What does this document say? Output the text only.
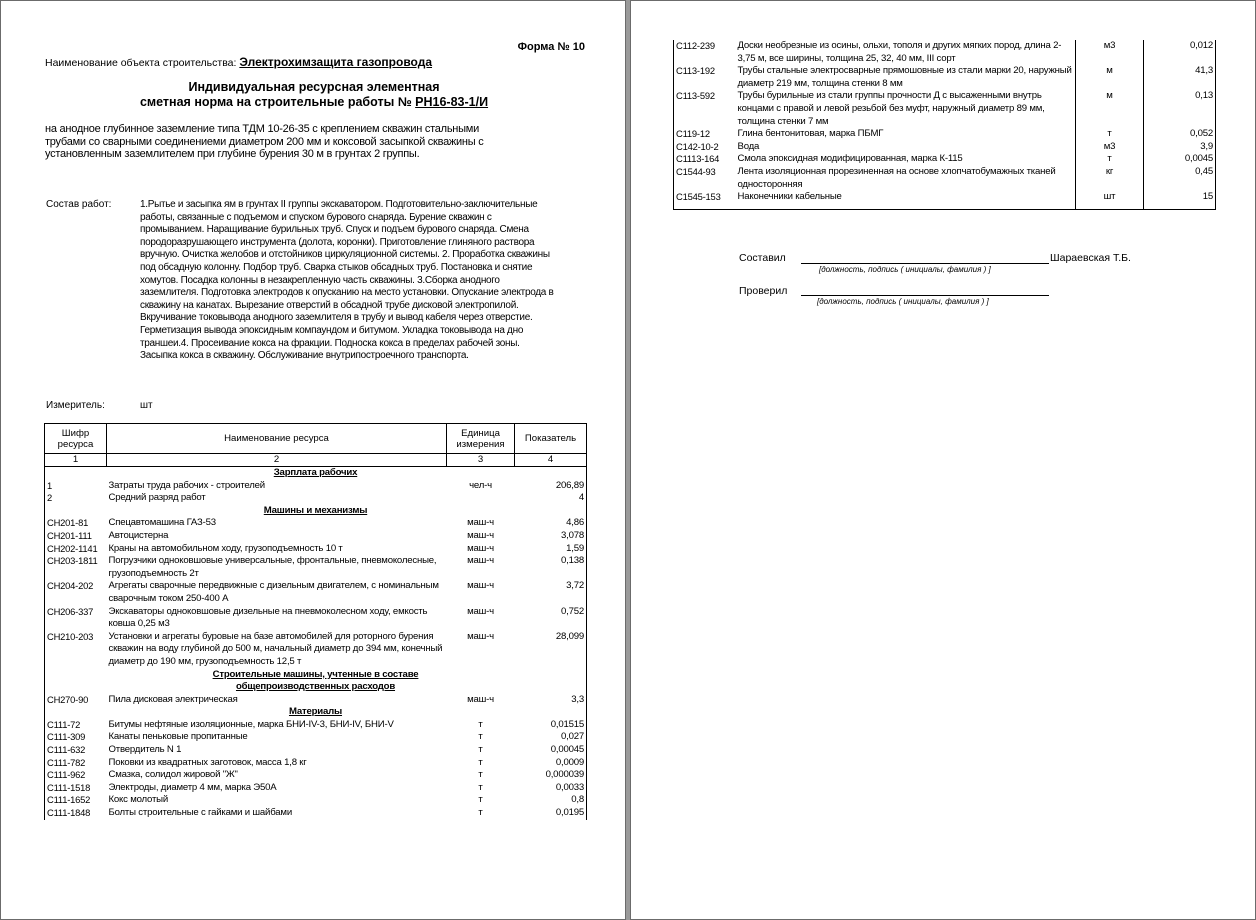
Форма № 10
Наименование объекта строительства: Электрохимзащита газопровода
Индивидуальная ресурсная элементная
сметная норма на строительные работы № РН16-83-1/И
на анодное глубинное заземление типа ТДМ 10-26-35 с креплением скважин стальными трубами со сварными соединениеми диаметром 200 мм и коксовой засыпкой скважины с установленным заземлителем при глубине бурения 30 м в грунтах 2 группы.
Состав работ:	1.Рытье и засыпка ям в грунтах II группы экскаватором. Подготовительно-заключительные работы, связанные с подъемом и спуском бурового снаряда. Бурение скважин с промыванием. Наращивание бурильных труб. Спуск и подъем бурового снаряда. Смена породоразрушающего инструмента (долота, коронки). Приготовление глиняного раствора вручную. Очистка желобов и отстойников циркуляционной системы. 2. Проработка скважины под обсадную колонну. Подбор труб. Сварка стыков обсадных труб. Постановка и снятие хомутов. Посадка колонны в незакрепленную часть скважины. 3.Сборка анодного заземлителя. Подготовка электродов к опусканию на место установки. Опускание электрода в скважину на канатах. Вырезание отверстий в обсадной трубе дисковой электропилой. Вкручивание токовывода анодного заземлителя в трубу и вывод кабеля через отверстие. Герметизация вывода эпоксидным компаундом и битумом. Укладка токовывода на дно траншеи.4. Просеивание кокса на фракции. Подноска кокса в пределах рабочей зоны. Засыпка кокса в скважину. Обслуживание внутрипостроечного транспорта.
Измеритель:	шт
Шифр ресурса	Наименование ресурса	Единица измерения	Показатель
1	2	3	4
Зарплата рабочих			
1	Затраты труда рабочих - строителей	чел-ч	206,89
2	Средний разряд работ		4
Машины и механизмы			
СН201-81	Спецавтомашина ГАЗ-53	маш-ч	4,86
СН201-111	Автоцистерна	маш-ч	3,078
СН202-1141	Краны на автомобильном ходу, грузоподъемность 10 т	маш-ч	1,59
СН203-1811	Погрузчики одноковшовые универсальные, фронтальные, пневмоколесные, грузоподъемность 2т	маш-ч	0,138
СН204-202	Агрегаты сварочные передвижные с дизельным двигателем, с номинальным сварочным током 250-400 А	маш-ч	3,72
СН206-337	Экскаваторы одноковшовые дизельные на пневмоколесном ходу, емкость ковша 0,25 м3	маш-ч	0,752
СН210-203	Установки и агрегаты буровые на базе автомобилей для роторного бурения скважин на воду глубиной до 500 м, начальный диаметр до 394 мм, конечный диаметр до 190 мм, грузоподъемность 12,5 т	маш-ч	28,099
Строительные машины, учтенные в составе общепроизводственных расходов			
СН270-90	Пила дисковая электрическая	маш-ч	3,3
Материалы			
С111-72	Битумы нефтяные изоляционные, марка БНИ-IV-3, БНИ-IV, БНИ-V	т	0,01515
С111-309	Канаты пеньковые пропитанные	т	0,027
С111-632	Отвердитель N 1	т	0,00045
С111-782	Поковки из квадратных заготовок, масса 1,8 кг	т	0,0009
С111-962	Смазка, солидол жировой "Ж"	т	0,000039
С111-1518	Электроды, диаметр 4 мм, марка Э50А	т	0,0033
С111-1652	Кокс молотый	т	0,8
С111-1848	Болты строительные с гайками и шайбами	т	0,0195
С112-239	Доски необрезные из осины, ольхи, тополя и других мягких пород, длина 2-3,75 м, все ширины, толщина 25, 32, 40 мм, III сорт	м3	0,012
С113-192	Трубы стальные электросварные прямошовные из стали марки 20, наружный диаметр 219 мм, толщина стенки 8 мм	м	41,3
С113-592	Трубы бурильные из стали группы прочности Д с высаженными внутрь концами с правой и левой резьбой без муфт, наружный диаметр 89 мм, толщина стенки 7 мм	м	0,13
С119-12	Глина бентонитовая, марка ПБМГ	т	0,052
С142-10-2	Вода	м3	3,9
С1113-164	Смола эпоксидная модифицированная, марка К-115	т	0,0045
С1544-93	Лента изоляционная прорезиненная на основе хлопчатобумажных тканей односторонняя	кг	0,45
С1545-153	Наконечники кабельные	шт	15
Составил	Шараевская Т.Б.
[должность, подпись ( инициалы, фамилия ) ]
Проверил
[должность, подпись ( инициалы, фамилия ) ]
